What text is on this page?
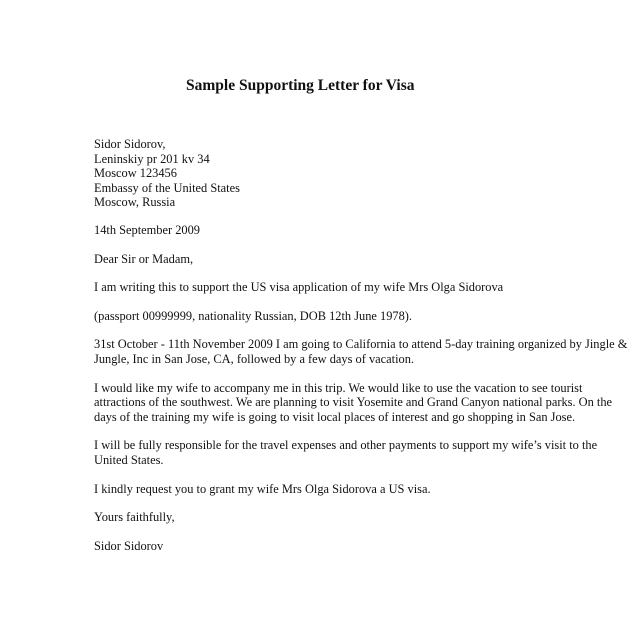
Sample Supporting Letter for Visa
Sidor Sidorov,
Leninskiy pr 201 kv 34
Moscow 123456
Embassy of the United States
Moscow, Russia
14th September 2009
Dear Sir or Madam,
I am writing this to support the US visa application of my wife Mrs Olga Sidorova
(passport 00999999, nationality Russian, DOB 12th June 1978).
31st October - 11th November 2009 I am going to California to attend 5-day training organized by Jingle &
Jungle, Inc in San Jose, CA, followed by a few days of vacation.
I would like my wife to accompany me in this trip. We would like to use the vacation to see tourist
attractions of the southwest. We are planning to visit Yosemite and Grand Canyon national parks. On the
days of the training my wife is going to visit local places of interest and go shopping in San Jose.
I will be fully responsible for the travel expenses and other payments to support my wife’s visit to the
United States.
I kindly request you to grant my wife Mrs Olga Sidorova a US visa.
Yours faithfully,
Sidor Sidorov
